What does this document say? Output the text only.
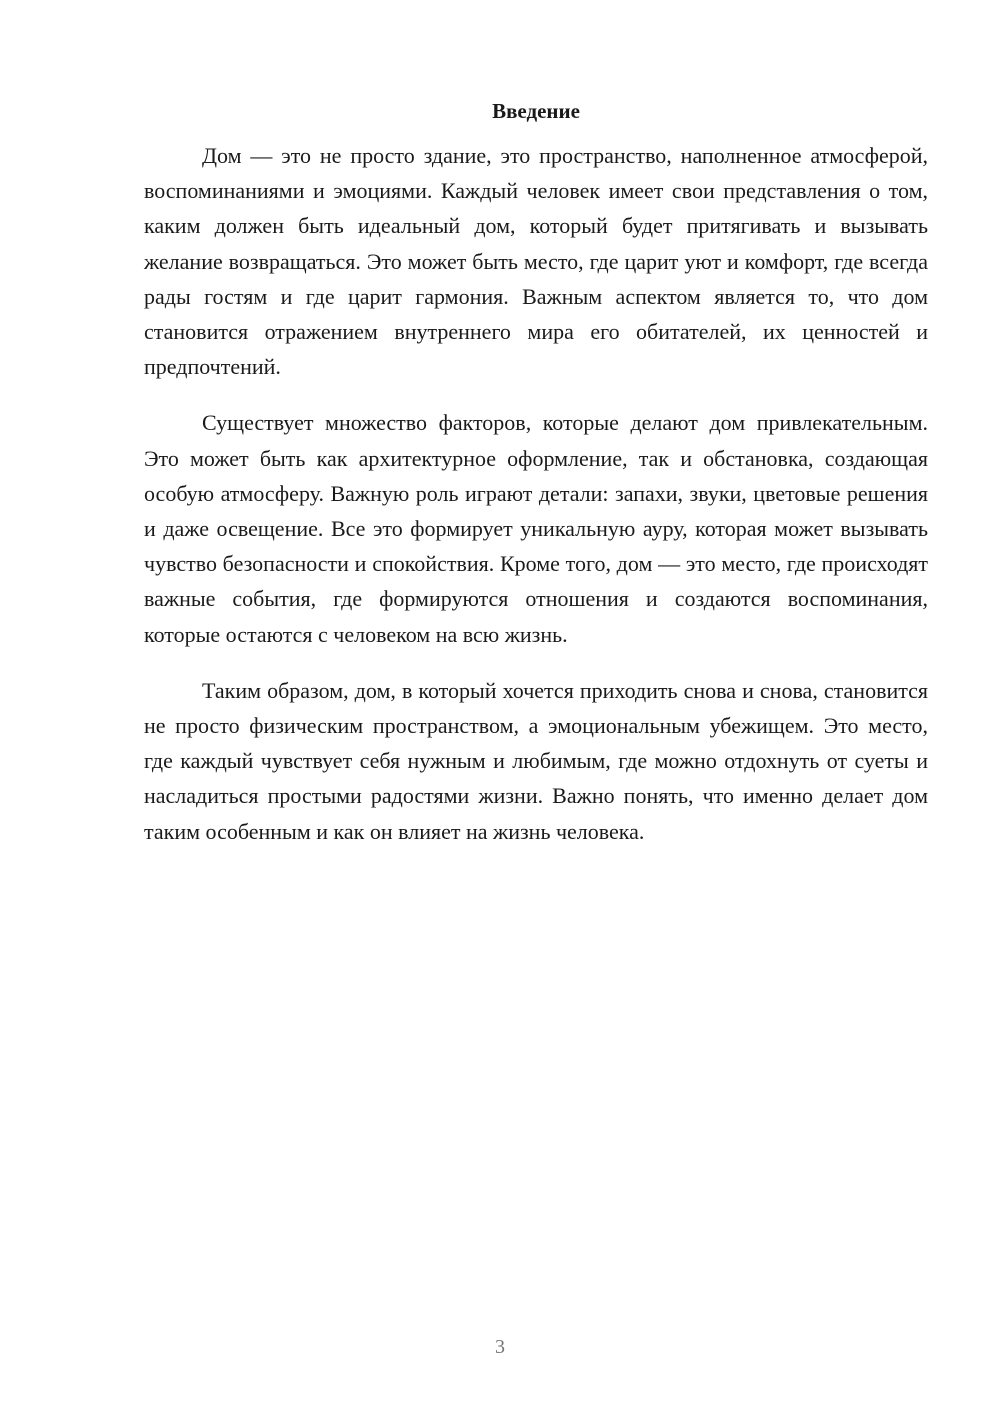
Введение

Дом — это не просто здание, это пространство, наполненное атмосферой, воспоминаниями и эмоциями. Каждый человек имеет свои представления о том, каким должен быть идеальный дом, который будет притягивать и вызывать желание возвращаться. Это может быть место, где царит уют и комфорт, где всегда рады гостям и где царит гармония. Важным аспектом является то, что дом становится отражением внутреннего мира его обитателей, их ценностей и предпочтений.

Существует множество факторов, которые делают дом привлекательным. Это может быть как архитектурное оформление, так и обстановка, создающая особую атмосферу. Важную роль играют детали: запахи, звуки, цветовые решения и даже освещение. Все это формирует уникальную ауру, которая может вызывать чувство безопасности и спокойствия. Кроме того, дом — это место, где происходят важные события, где формируются отношения и создаются воспоминания, которые остаются с человеком на всю жизнь.

Таким образом, дом, в который хочется приходить снова и снова, становится не просто физическим пространством, а эмоциональным убежищем. Это место, где каждый чувствует себя нужным и любимым, где можно отдохнуть от суеты и насладиться простыми радостями жизни. Важно понять, что именно делает дом таким особенным и как он влияет на жизнь человека.

3
